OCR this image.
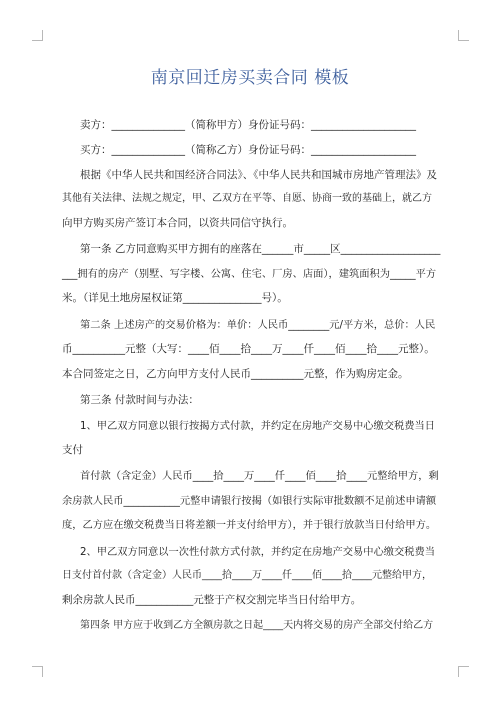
南京回迁房买卖合同 模板
卖方：______________（简称甲方）身份证号码：____________________
买方：______________（简称乙方）身份证号码：____________________
根据《中华人民共和国经济合同法》、《中华人民共和国城市房地产管理法》及
其他有关法律、法规之规定，甲、乙双方在平等、自愿、协商一致的基础上，就乙方
向甲方购买房产签订本合同，以资共同信守执行。
第一条 乙方同意购买甲方拥有的座落在______市_____区___________________
___拥有的房产（别墅、写字楼、公寓、住宅、厂房、店面），建筑面积为_____平方
米。（详见土地房屋权证第_______________号）。
第二条 上述房产的交易价格为：单价：人民币________元/平方米，总价：人民
币__________元整（大写：____佰____拾____万____仟____佰____拾____元整）。
本合同签定之日，乙方向甲方支付人民币__________元整，作为购房定金。
第三条 付款时间与办法：
1、甲乙双方同意以银行按揭方式付款，并约定在房地产交易中心缴交税费当日
支付
首付款（含定金）人民币____拾____万____仟____佰____拾____元整给甲方，剩
余房款人民币___________元整申请银行按揭（如银行实际审批数额不足前述申请额
度，乙方应在缴交税费当日将差额一并支付给甲方），并于银行放款当日付给甲方。
2、甲乙双方同意以一次性付款方式付款，并约定在房地产交易中心缴交税费当
日支付首付款（含定金）人民币____拾____万____仟____佰____拾____元整给甲方，
剩余房款人民币___________元整于产权交割完毕当日付给甲方。
第四条 甲方应于收到乙方全额房款之日起____天内将交易的房产全部交付给乙方
